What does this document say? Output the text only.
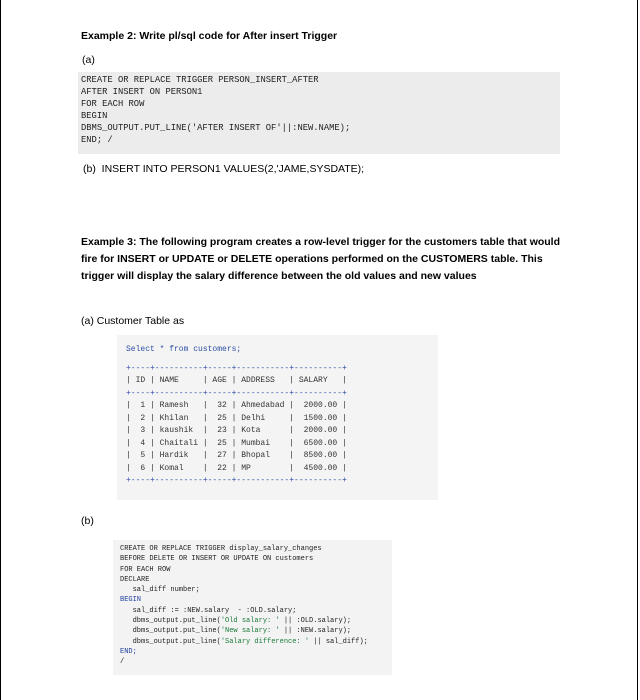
Example 2: Write pl/sql code for After insert Trigger
(a)
CREATE OR REPLACE TRIGGER PERSON_INSERT_AFTER
AFTER INSERT ON PERSON1
FOR EACH ROW
BEGIN
DBMS_OUTPUT.PUT_LINE('AFTER INSERT OF'||:NEW.NAME);
END; /
(b)  INSERT INTO PERSON1 VALUES(2,'JAME,SYSDATE);
Example 3: The following program creates a row-level trigger for the customers table that would fire for INSERT or UPDATE or DELETE operations performed on the CUSTOMERS table. This trigger will display the salary difference between the old values and new values
(a) Customer Table as
Select * from customers;
+----+----------+-----+-----------+----------+
| ID | NAME     | AGE | ADDRESS   | SALARY   |
+----+----------+-----+-----------+----------+
|  1 | Ramesh   |  32 | Ahmedabad |  2000.00 |
|  2 | Khilan   |  25 | Delhi     |  1500.00 |
|  3 | kaushik  |  23 | Kota      |  2000.00 |
|  4 | Chaitali |  25 | Mumbai    |  6500.00 |
|  5 | Hardik   |  27 | Bhopal    |  8500.00 |
|  6 | Komal    |  22 | MP        |  4500.00 |
+----+----------+-----+-----------+----------+
(b)
CREATE OR REPLACE TRIGGER display_salary_changes
BEFORE DELETE OR INSERT OR UPDATE ON customers
FOR EACH ROW
DECLARE
sal_diff number;
BEGIN
sal_diff := :NEW.salary  - :OLD.salary;
dbms_output.put_line('Old salary: ' || :OLD.salary);
dbms_output.put_line('New salary: ' || :NEW.salary);
dbms_output.put_line('Salary difference: ' || sal_diff);
END;
/
